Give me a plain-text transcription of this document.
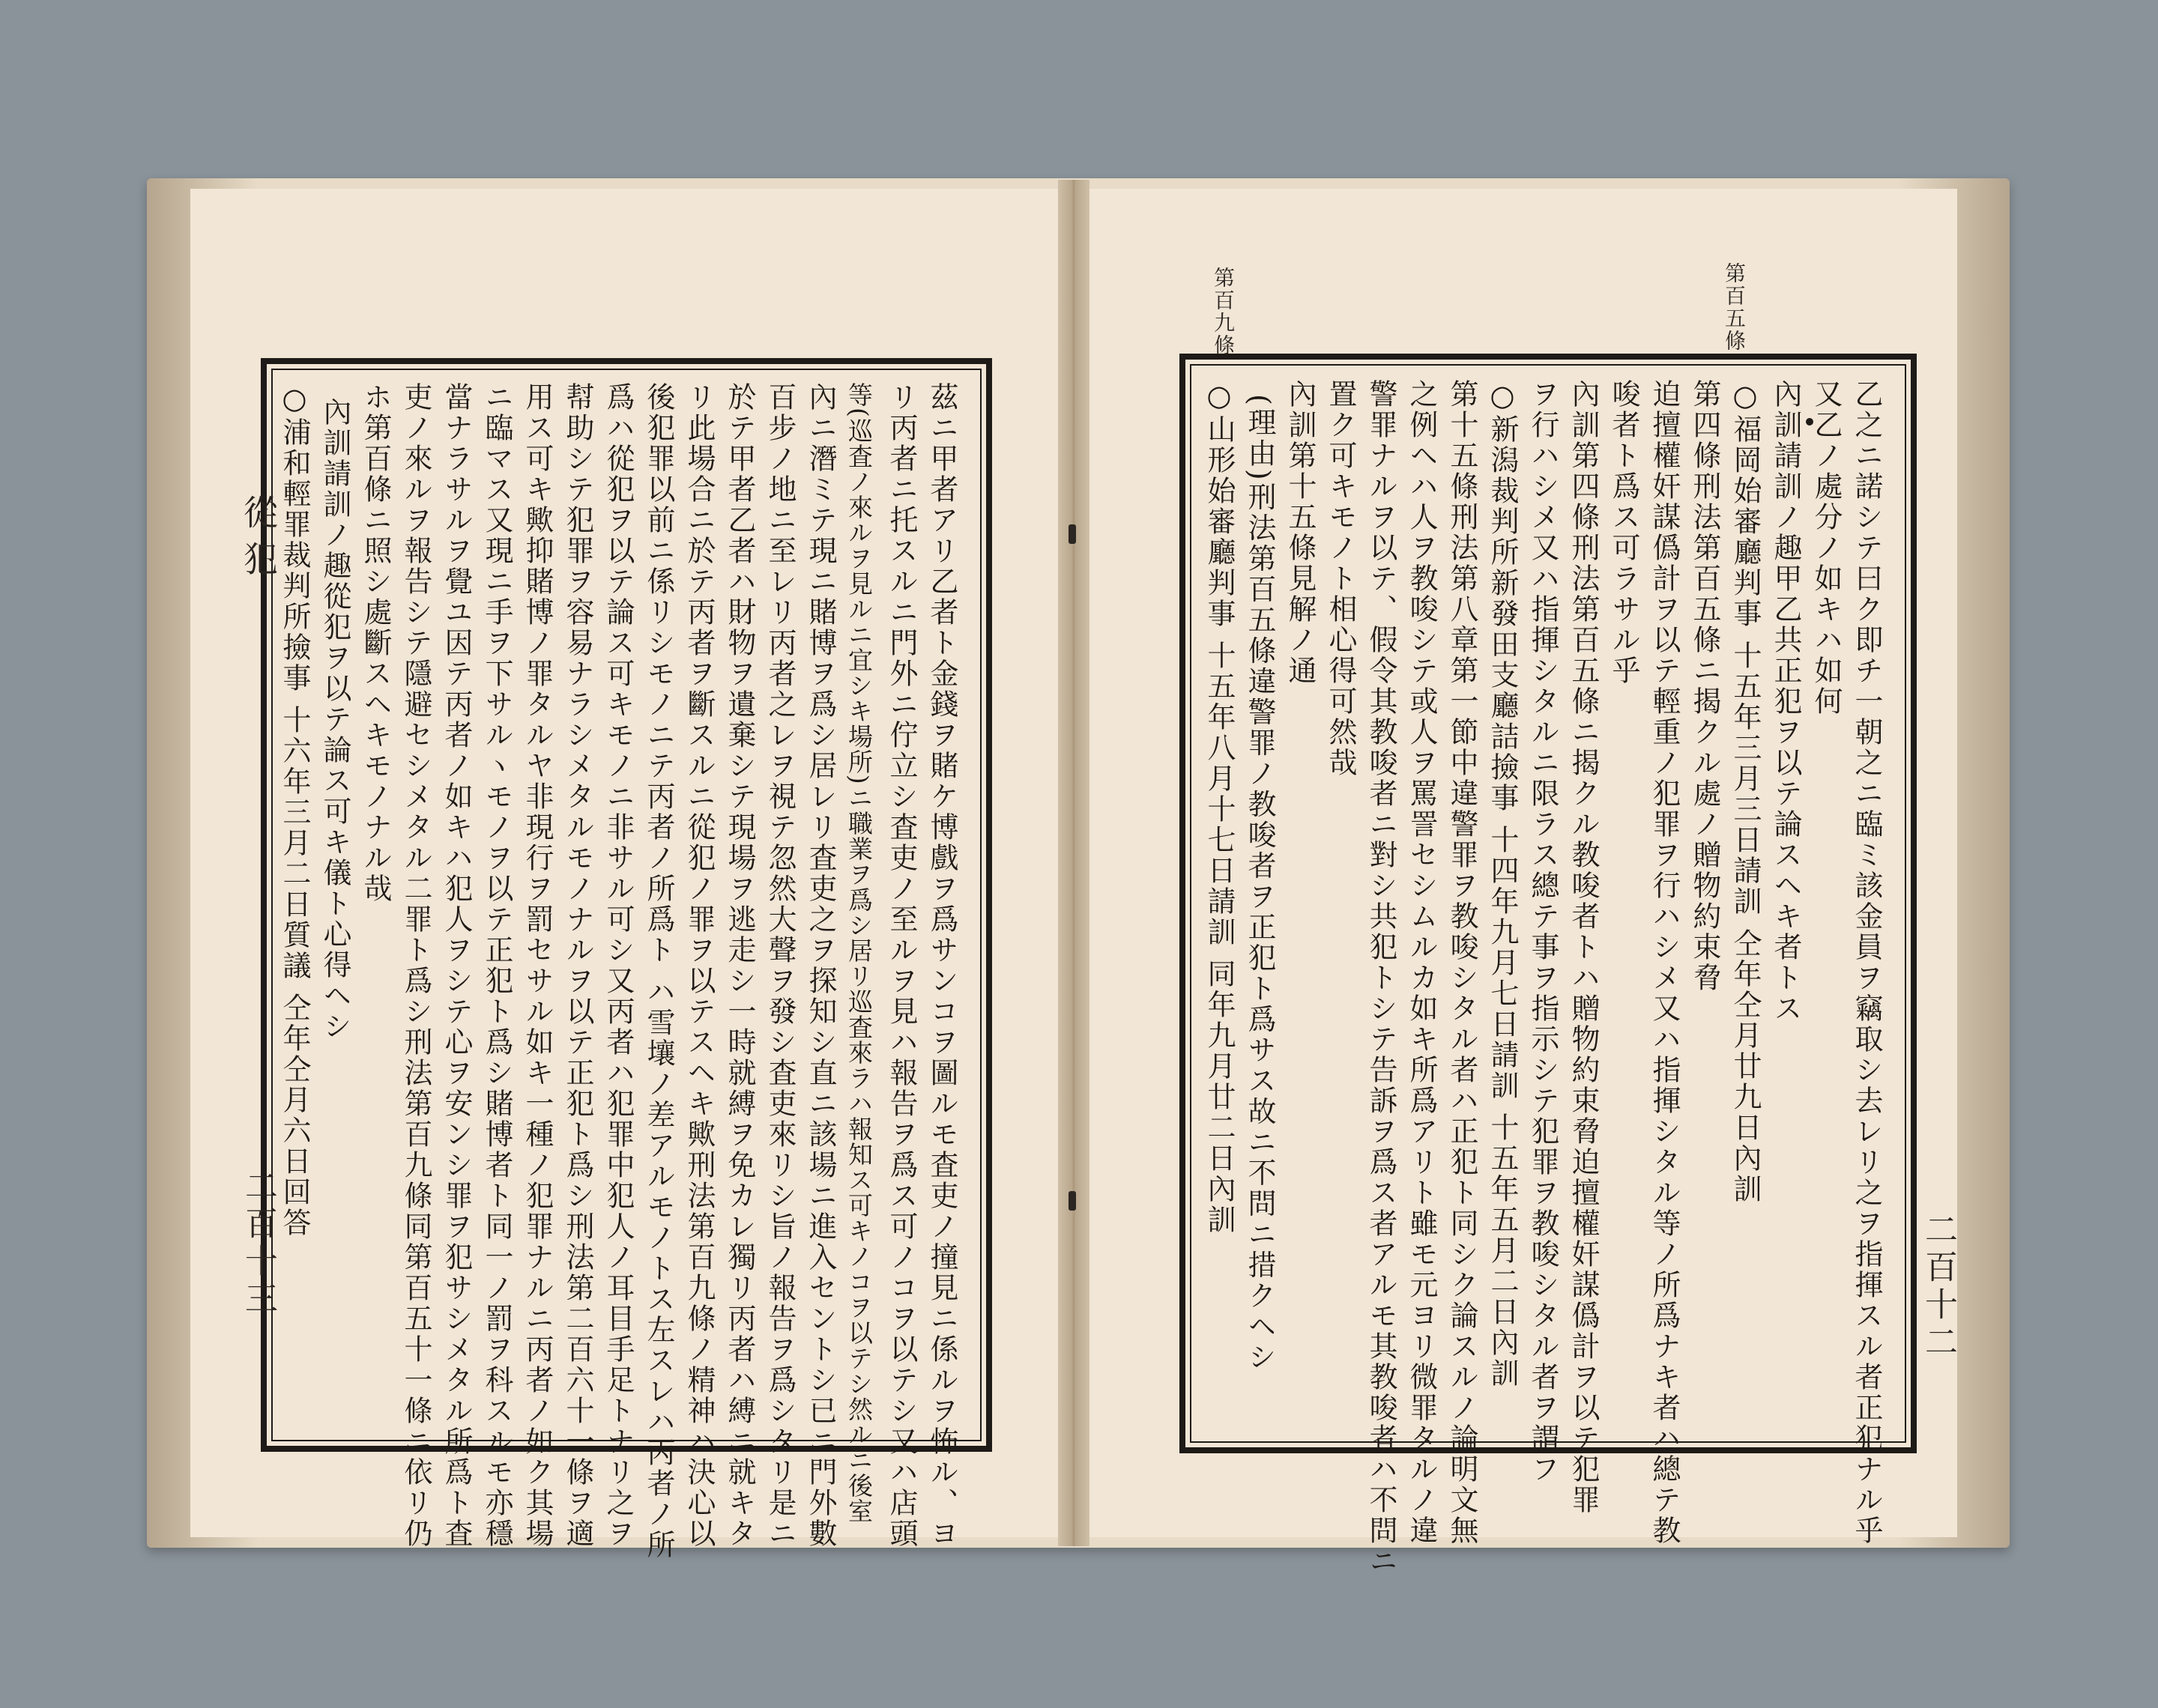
從犯
二百十三	二百十二
第百九條	第百五條
茲ニ甲者アリ乙者ト金錢ヲ賭ケ博戲ヲ爲サンコヲ圖ルモ査吏ノ撞見ニ係ルヲ怖ル、ヨ
リ丙者ニ托スルニ門外ニ佇立シ査吏ノ至ルヲ見ハ報告ヲ爲ス可ノコヲ以テシ又ハ店頭
等(巡査ノ來ルヲ見ルニ宜シキ場所)ニ職業ヲ爲シ居リ巡査來ラハ報知ス可キノコヲ以テシ然ルニ後室
內ニ潛ミテ現ニ賭博ヲ爲シ居レリ査吏之ヲ探知シ直ニ該場ニ進入セントシ已ニ門外數
百步ノ地ニ至レリ丙者之レヲ視テ忽然大聲ヲ發シ査吏來リシ旨ノ報告ヲ爲シタリ是ニ
於テ甲者乙者ハ財物ヲ遺棄シテ現場ヲ逃走シ一時就縛ヲ免カレ獨リ丙者ハ縛ニ就キタ
リ此場合ニ於テ丙者ヲ斷スルニ從犯ノ罪ヲ以テスヘキ歟刑法第百九條ノ精神ハ決心以
後犯罪以前ニ係リシモノニテ丙者ノ所爲ト ハ雪壤ノ差アルモノトス左スレハ丙者ノ所
爲ハ從犯ヲ以テ論ス可キモノニ非サル可シ又丙者ハ犯罪中犯人ノ耳目手足トナリ之ヲ
幇助シテ犯罪ヲ容易ナラシメタルモノナルヲ以テ正犯ト爲シ刑法第二百六十一條ヲ適
用ス可キ歟抑賭博ノ罪タルヤ非現行ヲ罰セサル如キ一種ノ犯罪ナルニ丙者ノ如ク其場
ニ臨マス又現ニ手ヲ下サルヽモノヲ以テ正犯ト爲シ賭博者ト同一ノ罰ヲ科スルモ亦穩
當ナラサルヲ覺ユ因テ丙者ノ如キハ犯人ヲシテ心ヲ安ンシ罪ヲ犯サシメタル所爲ト査
吏ノ來ルヲ報告シテ隱避セシメタル二罪ト爲シ刑法第百九條同第百五十一條ニ依リ仍
ホ第百條ニ照シ處斷スヘキモノナル哉
內訓請訓ノ趣從犯ヲ以テ論ス可キ儀ト心得ヘシ
○浦和輕罪裁判所撿事 十六年三月二日質議 仝年仝月六日回答	乙之ニ諾シテ曰ク即チ一朝之ニ臨ミ該金員ヲ竊取シ去レリ之ヲ指揮スル者正犯ナル乎
又乙ノ處分ノ如キハ如何
內訓請訓ノ趣甲乙共正犯ヲ以テ論スヘキ者トス
○福岡始審廳判事 十五年三月三日請訓 仝年仝月廿九日內訓
第四條刑法第百五條ニ揭クル處ノ贈物約束脅
迫擅權奸謀僞計ヲ以テ輕重ノ犯罪ヲ行ハシメ又ハ指揮シタル等ノ所爲ナキ者ハ總テ教
唆者ト爲ス可ラサル乎
內訓第四條刑法第百五條ニ揭クル教唆者トハ贈物約束脅迫擅權奸謀僞計ヲ以テ犯罪
ヲ行ハシメ又ハ指揮シタルニ限ラス總テ事ヲ指示シテ犯罪ヲ教唆シタル者ヲ謂フ
○新潟裁判所新發田支廳詰撿事 十四年九月七日請訓 十五年五月二日內訓
第十五條刑法第八章第一節中違警罪ヲ教唆シタル者ハ正犯ト同シク論スルノ論明文無
之例ヘハ人ヲ教唆シテ或人ヲ罵詈セシムルカ如キ所爲アリト雖モ元ヨリ微罪タルノ違
警罪ナルヲ以テ、假令其教唆者ニ對シ共犯トシテ告訴ヲ爲ス者アルモ其教唆者ハ不問ニ
置ク可キモノト相心得可然哉
內訓第十五條見解ノ通
(理由)刑法第百五條違警罪ノ教唆者ヲ正犯ト爲サス故ニ不問ニ措クヘシ
○山形始審廳判事 十五年八月十七日請訓 同年九月廿二日內訓
